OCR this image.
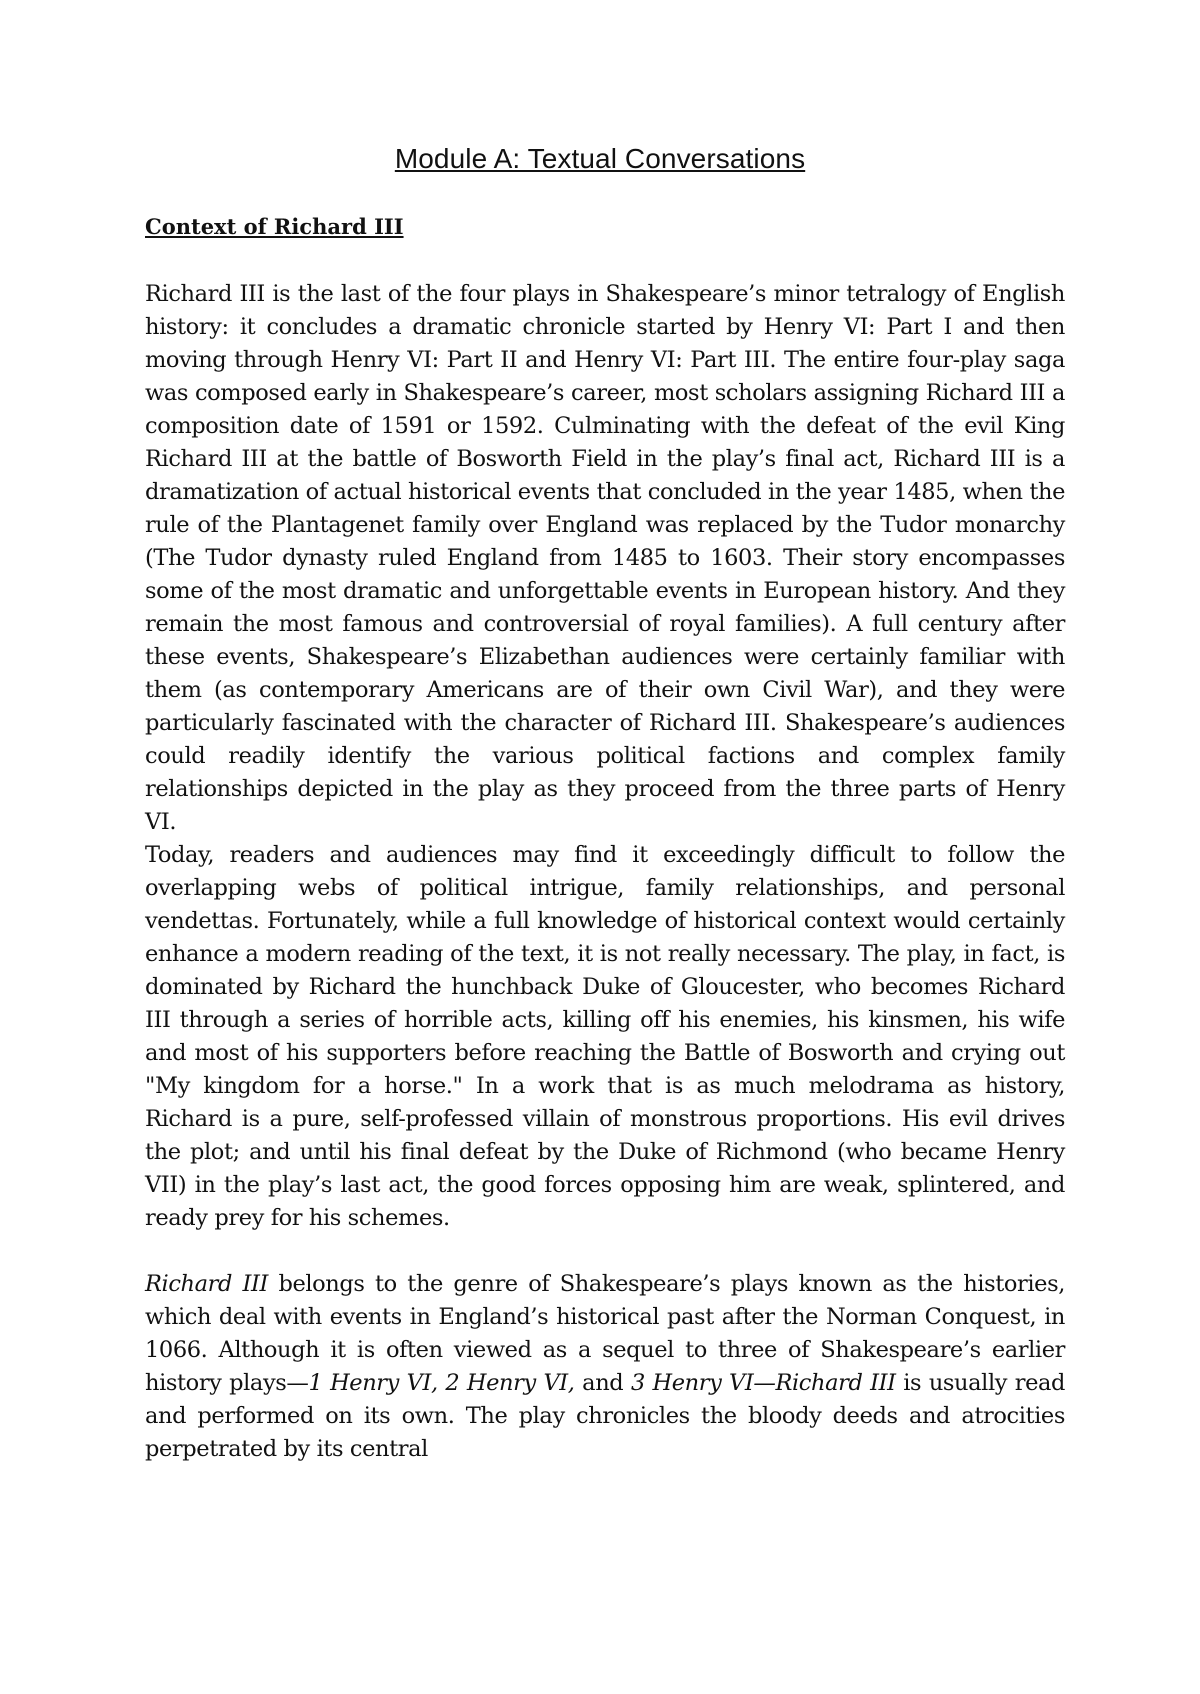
Module A: Textual Conversations
Context of Richard III

Richard III is the last of the four plays in Shakespeare’s minor tetralogy of English history: it concludes a dramatic chronicle started by Henry VI: Part I and then moving through Henry VI: Part II and Henry VI: Part III. The entire four-play saga was composed early in Shakespeare’s career, most scholars assigning Richard III a composition date of 1591 or 1592. Culminating with the defeat of the evil King Richard III at the battle of Bosworth Field in the play’s final act, Richard III is a dramatization of actual historical events that concluded in the year 1485, when the rule of the Plantagenet family over England was replaced by the Tudor monarchy (The Tudor dynasty ruled England from 1485 to 1603. Their story encompasses some of the most dramatic and unforgettable events in European history. And they remain the most famous and controversial of royal families). A full century after these events, Shakespeare’s Elizabethan audiences were certainly familiar with them (as contemporary Americans are of their own Civil War), and they were particularly fascinated with the character of Richard III. Shakespeare’s audiences could readily identify the various political factions and complex family relationships depicted in the play as they proceed from the three parts of Henry VI.

Today, readers and audiences may find it exceedingly difficult to follow the overlapping webs of political intrigue, family relationships, and personal vendettas. Fortunately, while a full knowledge of historical context would certainly enhance a modern reading of the text, it is not really necessary. The play, in fact, is dominated by Richard the hunchback Duke of Gloucester, who becomes Richard III through a series of horrible acts, killing off his enemies, his kinsmen, his wife and most of his supporters before reaching the Battle of Bosworth and crying out "My kingdom for a horse." In a work that is as much melodrama as history, Richard is a pure, self-professed villain of monstrous proportions. His evil drives the plot; and until his final defeat by the Duke of Richmond (who became Henry VII) in the play’s last act, the good forces opposing him are weak, splintered, and ready prey for his schemes.

Richard III belongs to the genre of Shakespeare’s plays known as the histories, which deal with events in England’s historical past after the Norman Conquest, in 1066. Although it is often viewed as a sequel to three of Shakespeare’s earlier history plays—1 Henry VI, 2 Henry VI, and 3 Henry VI—Richard III is usually read and performed on its own. The play chronicles the bloody deeds and atrocities perpetrated by its central
